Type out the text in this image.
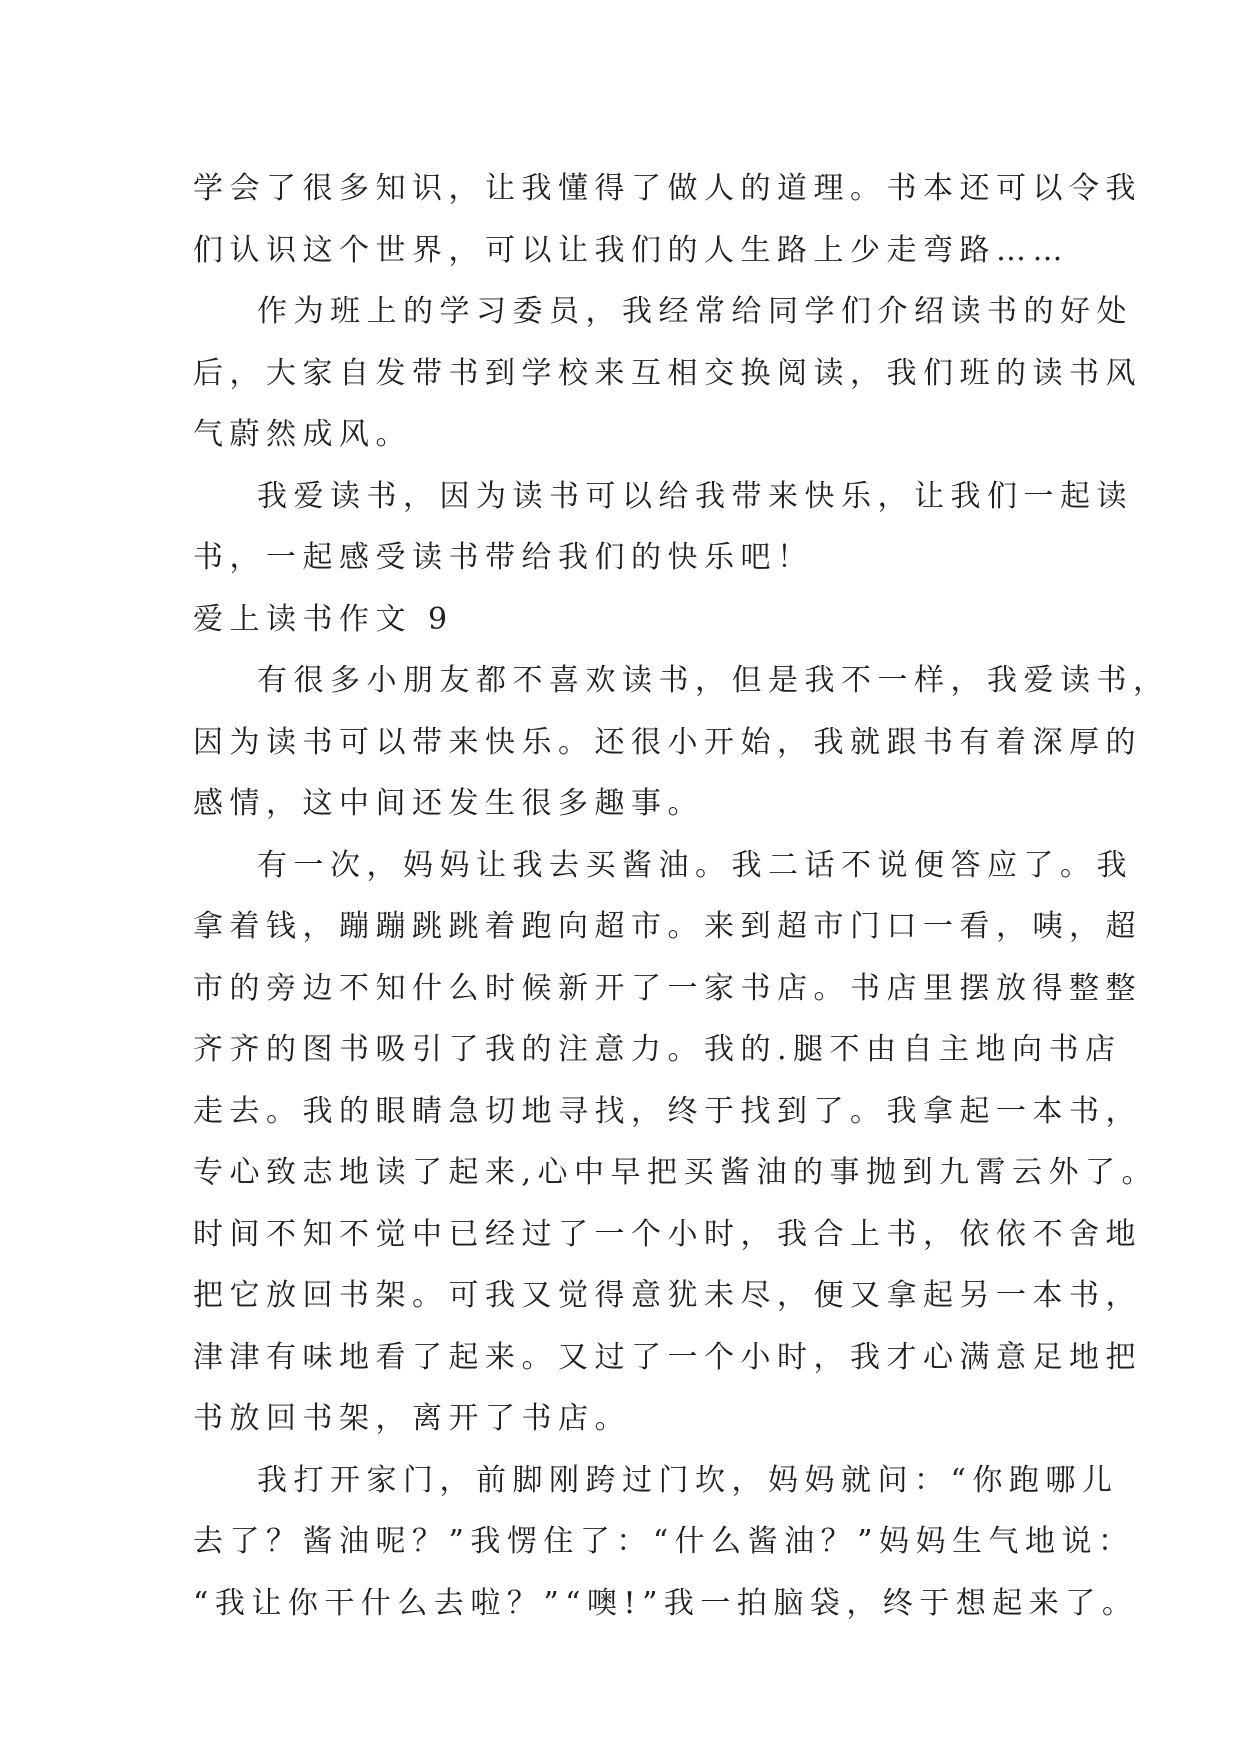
学会了很多知识，让我懂得了做人的道理。书本还可以令我
们认识这个世界，可以让我们的人生路上少走弯路……
作为班上的学习委员，我经常给同学们介绍读书的好处
后，大家自发带书到学校来互相交换阅读，我们班的读书风
气蔚然成风。
我爱读书，因为读书可以给我带来快乐，让我们一起读
书，一起感受读书带给我们的快乐吧！
爱上读书作文 9
有很多小朋友都不喜欢读书，但是我不一样，我爱读书，
因为读书可以带来快乐。还很小开始，我就跟书有着深厚的
感情，这中间还发生很多趣事。
有一次，妈妈让我去买酱油。我二话不说便答应了。我
拿着钱，蹦蹦跳跳着跑向超市。来到超市门口一看，咦，超
市的旁边不知什么时候新开了一家书店。书店里摆放得整整
齐齐的图书吸引了我的注意力。我的.腿不由自主地向书店
走去。我的眼睛急切地寻找，终于找到了。我拿起一本书，
专心致志地读了起来,心中早把买酱油的事抛到九霄云外了。
时间不知不觉中已经过了一个小时，我合上书，依依不舍地
把它放回书架。可我又觉得意犹未尽，便又拿起另一本书，
津津有味地看了起来。又过了一个小时，我才心满意足地把
书放回书架，离开了书店。
我打开家门，前脚刚跨过门坎，妈妈就问：“你跑哪儿
去了？酱油呢？”我愣住了：“什么酱油？”妈妈生气地说：
“我让你干什么去啦？”“噢!”我一拍脑袋，终于想起来了。
